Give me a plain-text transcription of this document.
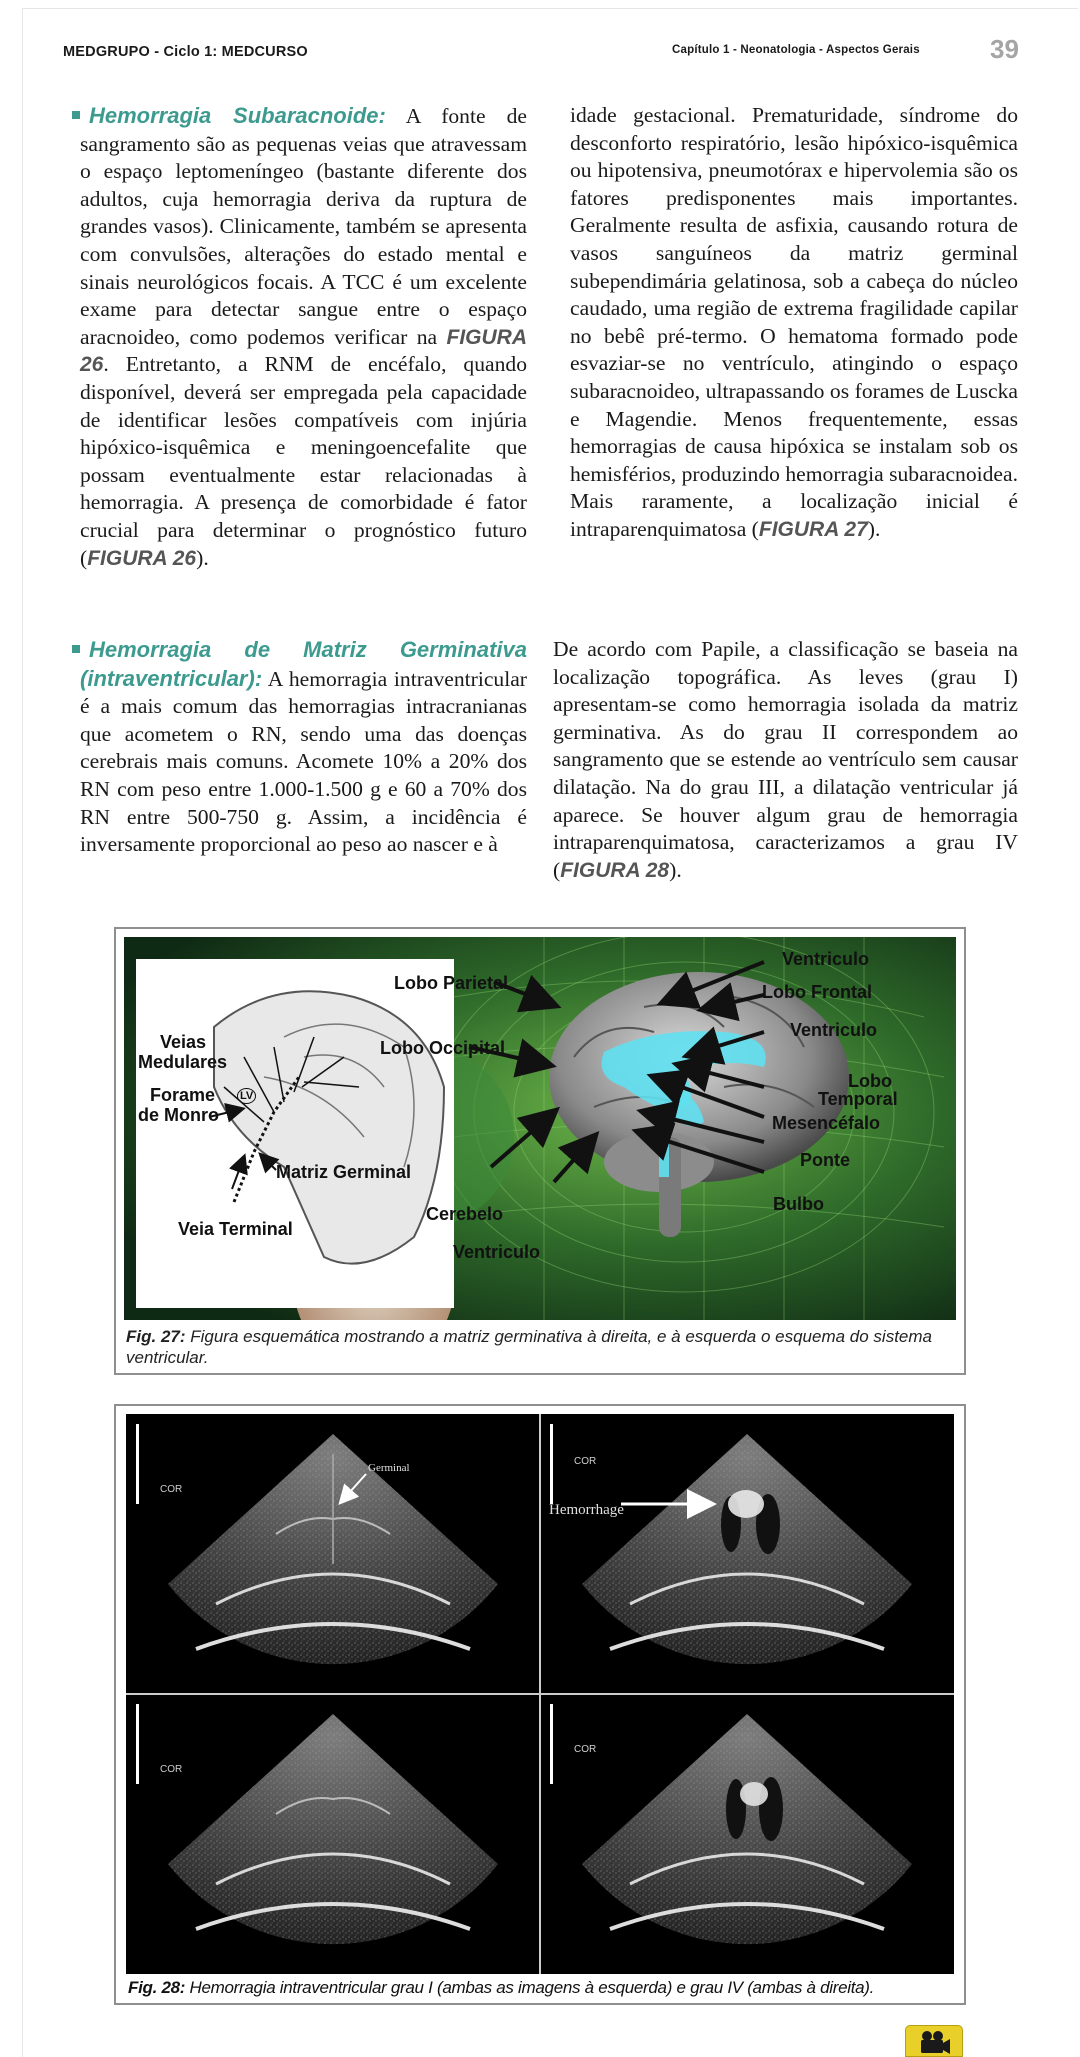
MEDGRUPO - Ciclo 1: MEDCURSO	Capítulo 1 - Neonatologia - Aspectos Gerais	39

Hemorragia Subaracnoide: A fonte de sangramento são as pequenas veias que atravessam o espaço leptomeníngeo (bastante diferente dos adultos, cuja hemorragia deriva da ruptura de grandes vasos). Clinicamente, também se apresenta com convulsões, alterações do estado mental e sinais neurológicos focais. A TCC é um excelente exame para detectar sangue entre o espaço aracnoideo, como podemos verificar na FIGURA 26. Entretanto, a RNM de encéfalo, quando disponível, deverá ser empregada pela capacidade de identificar lesões compatíveis com injúria hipóxico-isquêmica e meningoencefalite que possam eventualmente estar relacionadas à hemorragia. A presença de comorbidade é fator crucial para determinar o prognóstico futuro (FIGURA 26).

idade gestacional. Prematuridade, síndrome do desconforto respiratório, lesão hipóxico-isquêmica ou hipotensiva, pneumotórax e hipervolemia são os fatores predisponentes mais importantes. Geralmente resulta de asfixia, causando rotura de vasos sanguíneos da matriz germinal subependimária gelatinosa, sob a cabeça do núcleo caudado, uma região de extrema fragilidade capilar no bebê pré-termo. O hematoma formado pode esvaziar-se no ventrículo, atingindo o espaço subaracnoideo, ultrapassando os forames de Luscka e Magendie. Menos frequentemente, essas hemorragias de causa hipóxica se instalam sob os hemisférios, produzindo hemorragia subaracnoidea. Mais raramente, a localização inicial é intraparenquimatosa (FIGURA 27).

Hemorragia de Matriz Germinativa (intraventricular): A hemorragia intraventricular é a mais comum das hemorragias intracranianas que acometem o RN, sendo uma das doenças cerebrais mais comuns. Acomete 10% a 20% dos RN com peso entre 1.000-1.500 g e 60 a 70% dos RN entre 500-750 g. Assim, a incidência é inversamente proporcional ao peso ao nascer e à

De acordo com Papile, a classificação se baseia na localização topográfica. As leves (grau I) apresentam-se como hemorragia isolada da matriz germinativa. As do grau II correspondem ao sangramento que se estende ao ventrículo sem causar dilatação. Na do grau III, a dilatação ventricular já aparece. Se houver algum grau de hemorragia intraparenquimatosa, caracterizamos a grau IV (FIGURA 28).

Veias
Medulares
Forame
de Monro
LV
Matriz Germinal
Veia Terminal
Lobo Parietal
Lobo Occipital
Cerebelo
Ventriculo
Ventriculo
Lobo Frontal
Ventriculo
Lobo
Temporal
Mesencéfalo
Ponte
Bulbo
Fig. 27: Figura esquemática mostrando a matriz germinativa à direita, e à esquerda o esquema do sistema ventricular.
COR
COR
COR
COR
Germinal
Hemorrhage
Fig. 28: Hemorragia intraventricular grau I (ambas as imagens à esquerda) e grau IV (ambas à direita).
